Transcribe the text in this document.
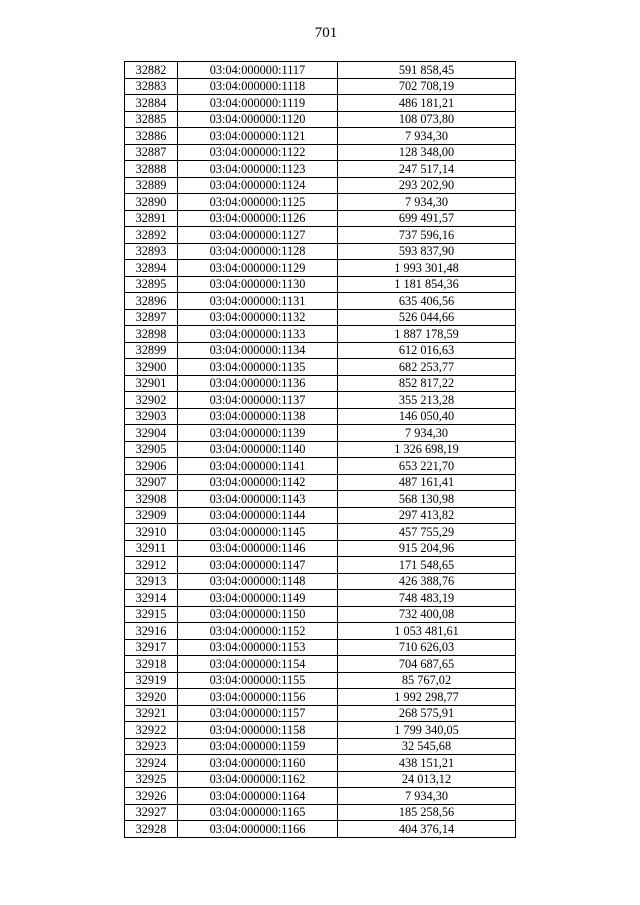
701
32882	03:04:000000:1117	591 858,45
32883	03:04:000000:1118	702 708,19
32884	03:04:000000:1119	486 181,21
32885	03:04:000000:1120	108 073,80
32886	03:04:000000:1121	7 934,30
32887	03:04:000000:1122	128 348,00
32888	03:04:000000:1123	247 517,14
32889	03:04:000000:1124	293 202,90
32890	03:04:000000:1125	7 934,30
32891	03:04:000000:1126	699 491,57
32892	03:04:000000:1127	737 596,16
32893	03:04:000000:1128	593 837,90
32894	03:04:000000:1129	1 993 301,48
32895	03:04:000000:1130	1 181 854,36
32896	03:04:000000:1131	635 406,56
32897	03:04:000000:1132	526 044,66
32898	03:04:000000:1133	1 887 178,59
32899	03:04:000000:1134	612 016,63
32900	03:04:000000:1135	682 253,77
32901	03:04:000000:1136	852 817,22
32902	03:04:000000:1137	355 213,28
32903	03:04:000000:1138	146 050,40
32904	03:04:000000:1139	7 934,30
32905	03:04:000000:1140	1 326 698,19
32906	03:04:000000:1141	653 221,70
32907	03:04:000000:1142	487 161,41
32908	03:04:000000:1143	568 130,98
32909	03:04:000000:1144	297 413,82
32910	03:04:000000:1145	457 755,29
32911	03:04:000000:1146	915 204,96
32912	03:04:000000:1147	171 548,65
32913	03:04:000000:1148	426 388,76
32914	03:04:000000:1149	748 483,19
32915	03:04:000000:1150	732 400,08
32916	03:04:000000:1152	1 053 481,61
32917	03:04:000000:1153	710 626,03
32918	03:04:000000:1154	704 687,65
32919	03:04:000000:1155	85 767,02
32920	03:04:000000:1156	1 992 298,77
32921	03:04:000000:1157	268 575,91
32922	03:04:000000:1158	1 799 340,05
32923	03:04:000000:1159	32 545,68
32924	03:04:000000:1160	438 151,21
32925	03:04:000000:1162	24 013,12
32926	03:04:000000:1164	7 934,30
32927	03:04:000000:1165	185 258,56
32928	03:04:000000:1166	404 376,14
